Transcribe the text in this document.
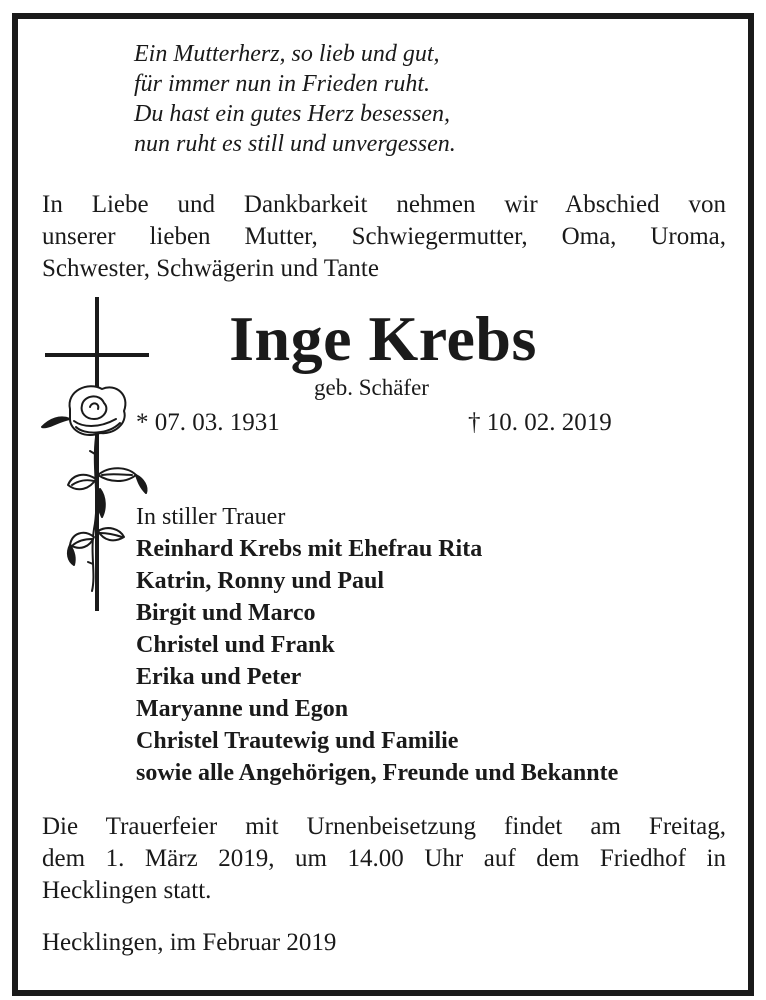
Ein Mutterherz, so lieb und gut,
für immer nun in Frieden ruht.
Du hast ein gutes Herz besessen,
nun ruht es still und unvergessen.
In Liebe und Dankbarkeit nehmen wir Abschied von
unserer lieben Mutter, Schwiegermutter, Oma, Uroma,
Schwester, Schwägerin und Tante
Inge Krebs
geb. Schäfer
* 07. 03. 1931	† 10. 02. 2019
In stiller Trauer
Reinhard Krebs mit Ehefrau Rita
Katrin, Ronny und Paul
Birgit und Marco
Christel und Frank
Erika und Peter
Maryanne und Egon
Christel Trautewig und Familie
sowie alle Angehörigen, Freunde und Bekannte
Die Trauerfeier mit Urnenbeisetzung findet am Freitag,
dem 1. März 2019, um 14.00 Uhr auf dem Friedhof in
Hecklingen statt.
Hecklingen, im Februar 2019
